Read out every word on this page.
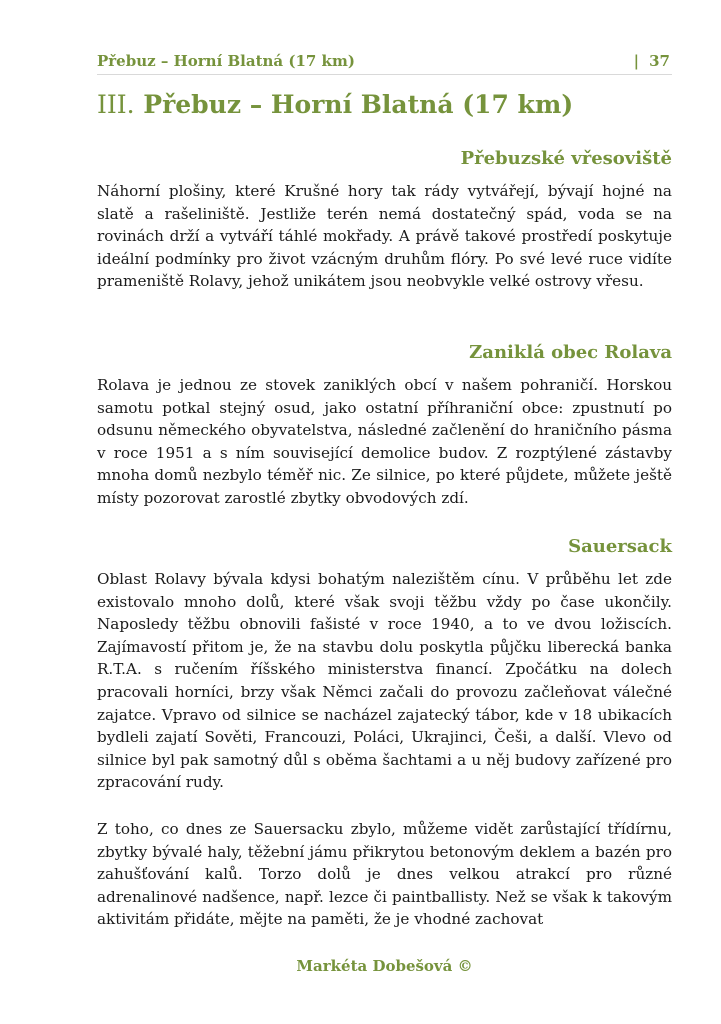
Přebuz – Horní Blatná (17 km)	| 37
III. Přebuz – Horní Blatná (17 km)
Přebuzské vřesoviště

Náhorní plošiny, které Krušné hory tak rády vytvářejí, bývají hojné na slatě a rašeliniště. Jestliže terén nemá dostatečný spád, voda se na rovinách drží a vytváří táhlé mokřady. A právě takové prostředí poskytuje ideální podmínky pro život vzácným druhům flóry. Po své levé ruce vidíte prameniště Rolavy, jehož unikátem jsou neobvykle velké ostrovy vřesu.

Zaniklá obec Rolava

Rolava je jednou ze stovek zaniklých obcí v našem pohraničí. Horskou samotu potkal stejný osud, jako ostatní příhraniční obce: zpustnutí po odsunu německého obyvatelstva, následné začlenění do hraničního pásma v roce 1951 a s ním související demolice budov. Z rozptýlené zástavby mnoha domů nezbylo téměř nic. Ze silnice, po které půjdete, můžete ještě místy pozorovat zarostlé zbytky obvodových zdí.

Sauersack

Oblast Rolavy bývala kdysi bohatým nalezištěm cínu. V průběhu let zde existovalo mnoho dolů, které však svoji těžbu vždy po čase ukončily. Naposledy těžbu obnovili fašisté v roce 1940, a to ve dvou ložiscích. Zajímavostí přitom je, že na stavbu dolu poskytla půjčku liberecká banka R.T.A. s ručením říšského ministerstva financí. Zpočátku na dolech pracovali horníci, brzy však Němci začali do provozu začleňovat válečné zajatce. Vpravo od silnice se nacházel zajatecký tábor, kde v 18 ubikacích bydleli zajatí Sověti, Francouzi, Poláci, Ukrajinci, Češi, a další. Vlevo od silnice byl pak samotný důl s oběma šachtami a u něj budovy zařízené pro zpracování rudy.

Z toho, co dnes ze Sauersacku zbylo, můžeme vidět zarůstající třídírnu, zbytky bývalé haly, těžební jámu přikrytou betonovým deklem a bazén pro zahušťování kalů. Torzo dolů je dnes velkou atrakcí pro různé adrenalinové nadšence, např. lezce či paintballisty. Než se však k takovým aktivitám přidáte, mějte na paměti, že je vhodné zachovat

Markéta Dobešová ©
